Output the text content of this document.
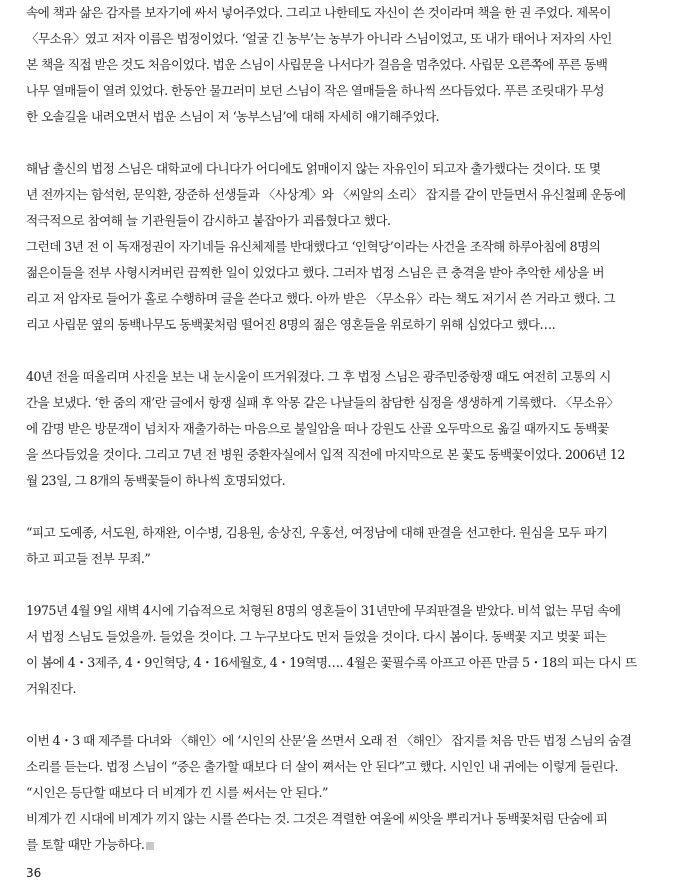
속에 책과 삶은 감자를 보자기에 싸서 넣어주었다. 그리고 나한테도 자신이 쓴 것이라며 책을 한 권 주었다. 제목이
〈무소유〉였고 저자 이름은 법정이었다. ‘얼굴 긴 농부’는 농부가 아니라 스님이었고, 또 내가 태어나 저자의 사인
본 책을 직접 받은 것도 처음이었다. 법운 스님이 사립문을 나서다가 걸음을 멈추었다. 사립문 오른쪽에 푸른 동백
나무 열매들이 열려 있었다. 한동안 물끄러미 보던 스님이 작은 열매들을 하나씩 쓰다듬었다. 푸른 조릿대가 무성
한 오솔길을 내려오면서 법운 스님이 저 ‘농부스님’에 대해 자세히 얘기해주었다.

해남 출신의 법정 스님은 대학교에 다니다가 어디에도 얽매이지 않는 자유인이 되고자 출가했다는 것이다. 또 몇
년 전까지는 함석헌, 문익환, 장준하 선생들과 〈사상계〉와 〈씨알의 소리〉 잡지를 같이 만들면서 유신철폐 운동에
적극적으로 참여해 늘 기관원들이 감시하고 붙잡아가 괴롭혔다고 했다.
그런데 3년 전 이 독재정권이 자기네들 유신체제를 반대했다고 ‘인혁당’이라는 사건을 조작해 하루아침에 8명의
젊은이들을 전부 사형시켜버린 끔찍한 일이 있었다고 했다. 그러자 법정 스님은 큰 충격을 받아 추악한 세상을 버
리고 저 암자로 들어가 홀로 수행하며 글을 쓴다고 했다. 아까 받은 〈무소유〉라는 책도 저기서 쓴 거라고 했다. 그
리고 사립문 옆의 동백나무도 동백꽃처럼 떨어진 8명의 젊은 영혼들을 위로하기 위해 심었다고 했다….

40년 전을 떠올리며 사진을 보는 내 눈시울이 뜨거워졌다. 그 후 법정 스님은 광주민중항쟁 때도 여전히 고통의 시
간을 보냈다. ‘한 줌의 재’란 글에서 항쟁 실패 후 악몽 같은 나날들의 참담한 심정을 생생하게 기록했다. 〈무소유〉
에 감명 받은 방문객이 넘치자 재출가하는 마음으로 불일암을 떠나 강원도 산골 오두막으로 옮길 때까지도 동백꽃
을 쓰다듬었을 것이다. 그리고 7년 전 병원 중환자실에서 입적 직전에 마지막으로 본 꽃도 동백꽃이었다. 2006년 12
월 23일, 그 8개의 동백꽃들이 하나씩 호명되었다.

“피고 도예종, 서도원, 하재완, 이수병, 김용원, 송상진, 우홍선, 여정남에 대해 판결을 선고한다. 원심을 모두 파기
하고 피고들 전부 무죄.”

1975년 4월 9일 새벽 4시에 기습적으로 처형된 8명의 영혼들이 31년만에 무죄판결을 받았다. 비석 없는 무덤 속에
서 법정 스님도 들었을까. 들었을 것이다. 그 누구보다도 먼저 들었을 것이다. 다시 봄이다. 동백꽃 지고 벚꽃 피는
이 봄에 4・3제주, 4・9인혁당, 4・16세월호, 4・19혁명…. 4월은 꽃필수록 아프고 아픈 만큼 5・18의 피는 다시 뜨
거워진다.

이번 4・3 때 제주를 다녀와 〈해인〉에 ‘시인의 산문’을 쓰면서 오래 전 〈해인〉 잡지를 처음 만든 법정 스님의 숨결
소리를 듣는다. 법정 스님이 “중은 출가할 때보다 더 살이 쪄서는 안 된다”고 했다. 시인인 내 귀에는 이렇게 들린다.
“시인은 등단할 때보다 더 비계가 낀 시를 써서는 안 된다.”
비계가 낀 시대에 비계가 끼지 않는 시를 쓴다는 것. 그것은 격렬한 여울에 씨앗을 뿌리거나 동백꽃처럼 단숨에 피
를 토할 때만 가능하다.

36
